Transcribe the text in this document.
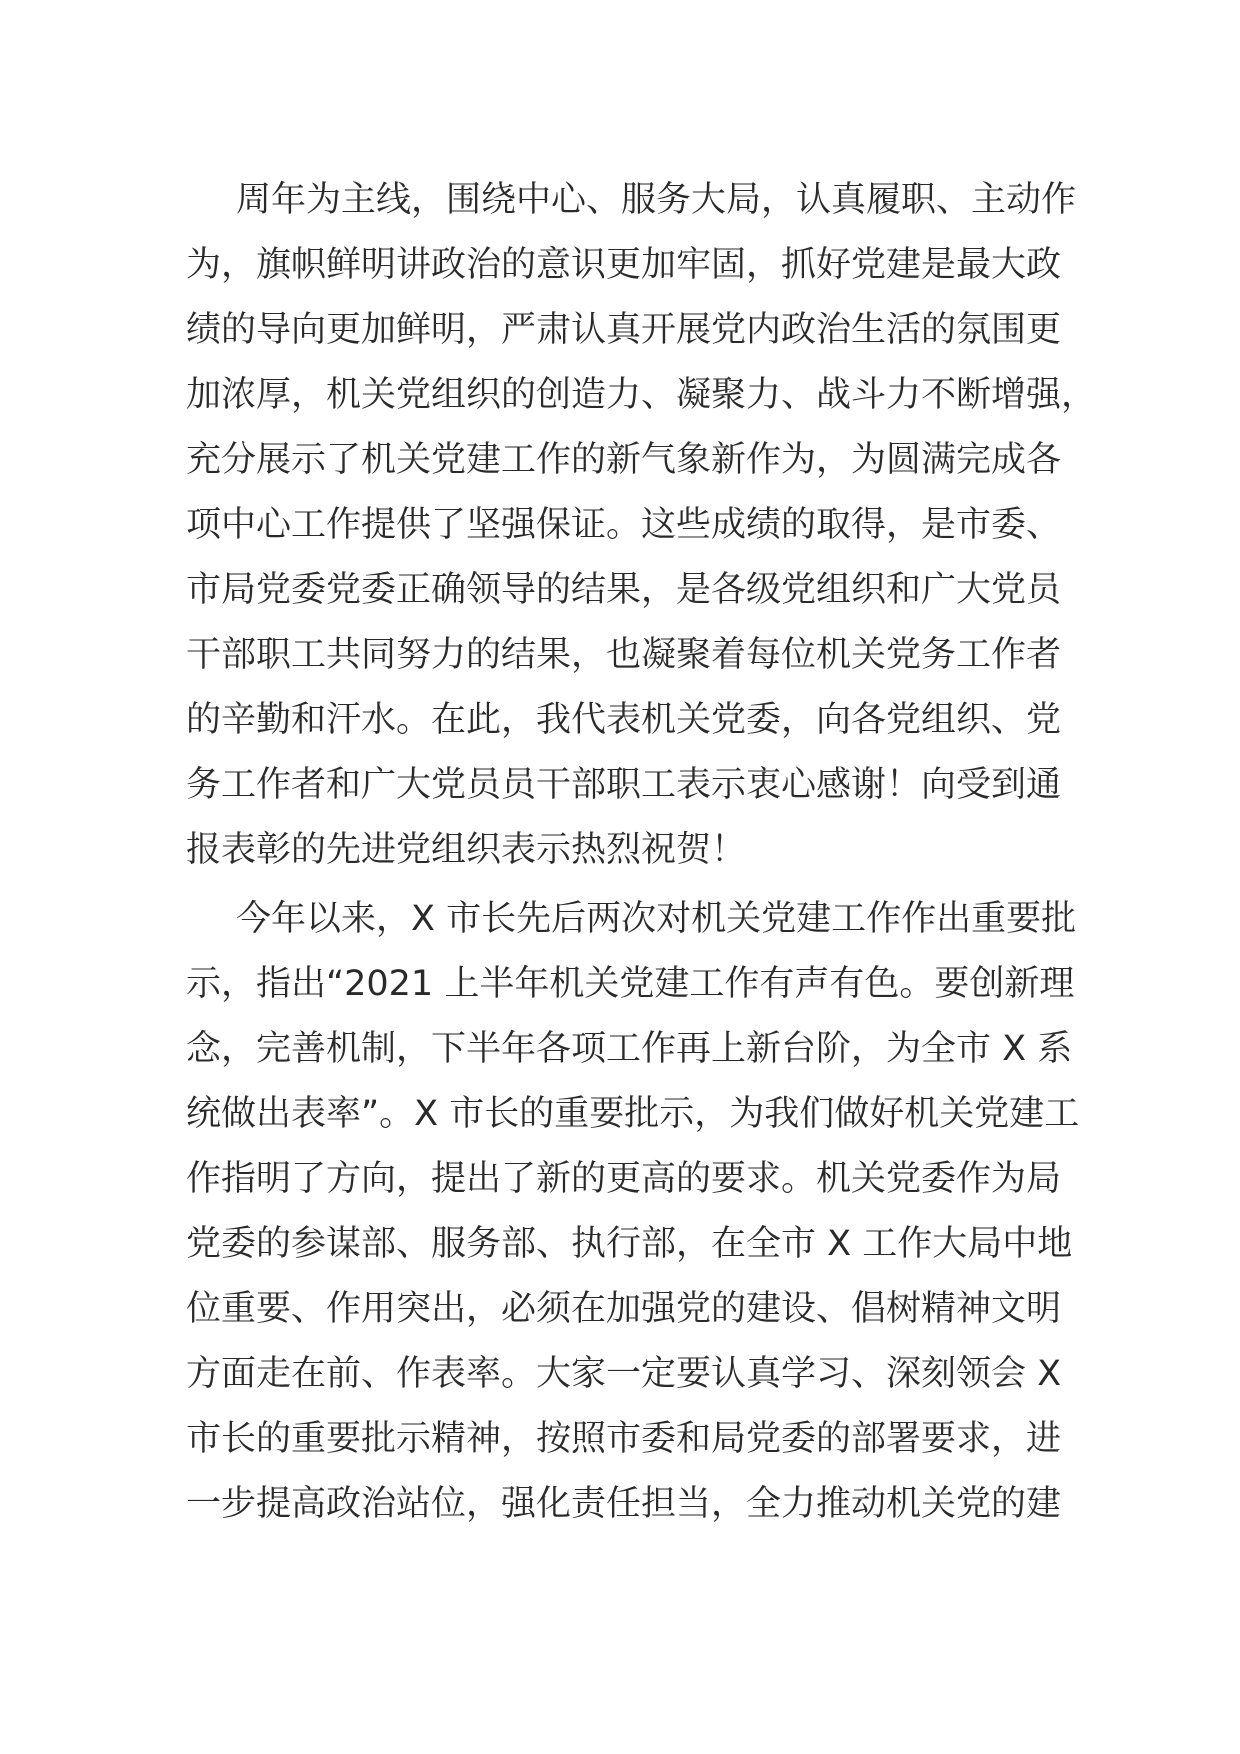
周年为主线，围绕中心、服务大局，认真履职、主动作
为，旗帜鲜明讲政治的意识更加牢固，抓好党建是最大政
绩的导向更加鲜明，严肃认真开展党内政治生活的氛围更
加浓厚，机关党组织的创造力、凝聚力、战斗力不断增强，
充分展示了机关党建工作的新气象新作为，为圆满完成各
项中心工作提供了坚强保证。这些成绩的取得，是市委、
市局党委党委正确领导的结果，是各级党组织和广大党员
干部职工共同努力的结果，也凝聚着每位机关党务工作者
的辛勤和汗水。在此，我代表机关党委，向各党组织、党
务工作者和广大党员员干部职工表示衷心感谢！向受到通
报表彰的先进党组织表示热烈祝贺！
今年以来，X 市长先后两次对机关党建工作作出重要批
示，指出“2021 上半年机关党建工作有声有色。要创新理
念，完善机制，下半年各项工作再上新台阶，为全市 X 系
统做出表率”。X 市长的重要批示，为我们做好机关党建工
作指明了方向，提出了新的更高的要求。机关党委作为局
党委的参谋部、服务部、执行部，在全市 X 工作大局中地
位重要、作用突出，必须在加强党的建设、倡树精神文明
方面走在前、作表率。大家一定要认真学习、深刻领会 X
市长的重要批示精神，按照市委和局党委的部署要求，进
一步提高政治站位，强化责任担当，全力推动机关党的建
